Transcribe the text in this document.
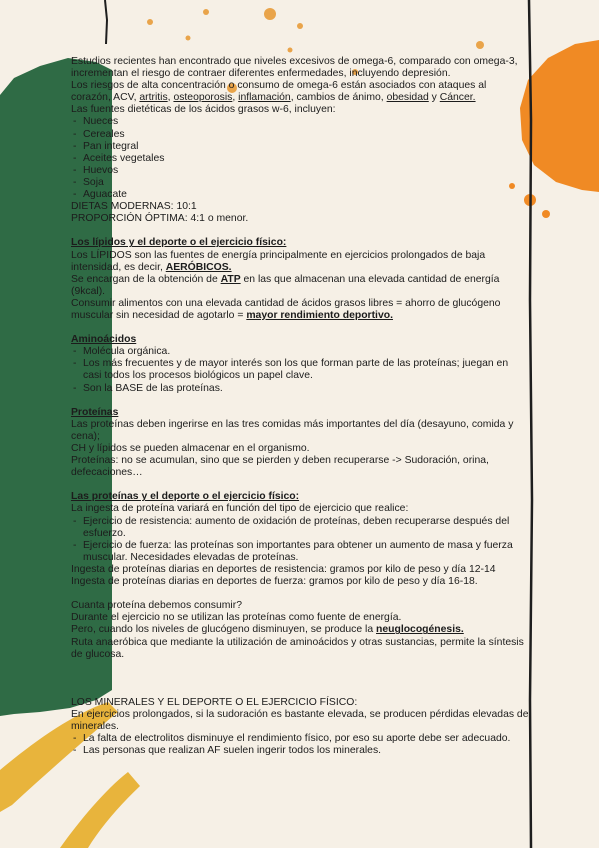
Estudios recientes han encontrado que niveles excesivos de omega-6, comparado con omega-3, incrementan el riesgo de contraer diferentes enfermedades, incluyendo depresión.

Los riesgos de alta concentración o consumo de omega-6 están asociados con ataques al corazón, ACV, artritis, osteoporosis, inflamación, cambios de ánimo, obesidad y Cáncer.

Las fuentes dietéticas de los ácidos grasos w-6, incluyen:

- Nueces
- Cereales
- Pan integral
- Aceites vegetales
- Huevos
- Soja
- Aguacate

DIETAS MODERNAS: 10:1

PROPORCIÓN ÓPTIMA: 4:1 o menor.

Los lípidos y el deporte o el ejercicio físico:

Los LÍPIDOS son las fuentes de energía principalmente en ejercicios prolongados de baja intensidad, es decir, AERÓBICOS.

Se encargan de la obtención de ATP en las que almacenan una elevada cantidad de energía (9kcal).

Consumir alimentos con una elevada cantidad de ácidos grasos libres = ahorro de glucógeno muscular sin necesidad de agotarlo = mayor rendimiento deportivo.

Aminoácidos

- Molécula orgánica.
- Los más frecuentes y de mayor interés son los que forman parte de las proteínas; juegan en casi todos los procesos biológicos un papel clave.
- Son la BASE de las proteínas.

Proteínas

Las proteínas deben ingerirse en las tres comidas más importantes del día (desayuno, comida y cena);

CH y lípidos se pueden almacenar en el organismo.

Proteínas: no se acumulan, sino que se pierden y deben recuperarse -> Sudoración, orina, defecaciones…

Las proteínas y el deporte o el ejercicio físico:

La ingesta de proteína variará en función del tipo de ejercicio que realice:

- Ejercicio de resistencia: aumento de oxidación de proteínas, deben recuperarse después del esfuerzo.
- Ejercicio de fuerza: las proteínas son importantes para obtener un aumento de masa y fuerza muscular. Necesidades elevadas de proteínas.

Ingesta de proteínas diarias en deportes de resistencia: gramos por kilo de peso y día 12-14

Ingesta de proteínas diarias en deportes de fuerza: gramos por kilo de peso y día 16-18.

Cuanta proteína debemos consumir?

Durante el ejercicio no se utilizan las proteínas como fuente de energía.

Pero, cuando los niveles de glucógeno disminuyen, se produce la neuglocogénesis.

Ruta anaeróbica que mediante la utilización de aminoácidos y otras sustancias, permite la síntesis de glucosa.

LOS MINERALES Y EL DEPORTE O EL EJERCICIO FÍSICO:

En ejercicios prolongados, si la sudoración es bastante elevada, se producen pérdidas elevadas de minerales.

- La falta de electrolitos disminuye el rendimiento físico, por eso su aporte debe ser adecuado.
- Las personas que realizan AF suelen ingerir todos los minerales.
